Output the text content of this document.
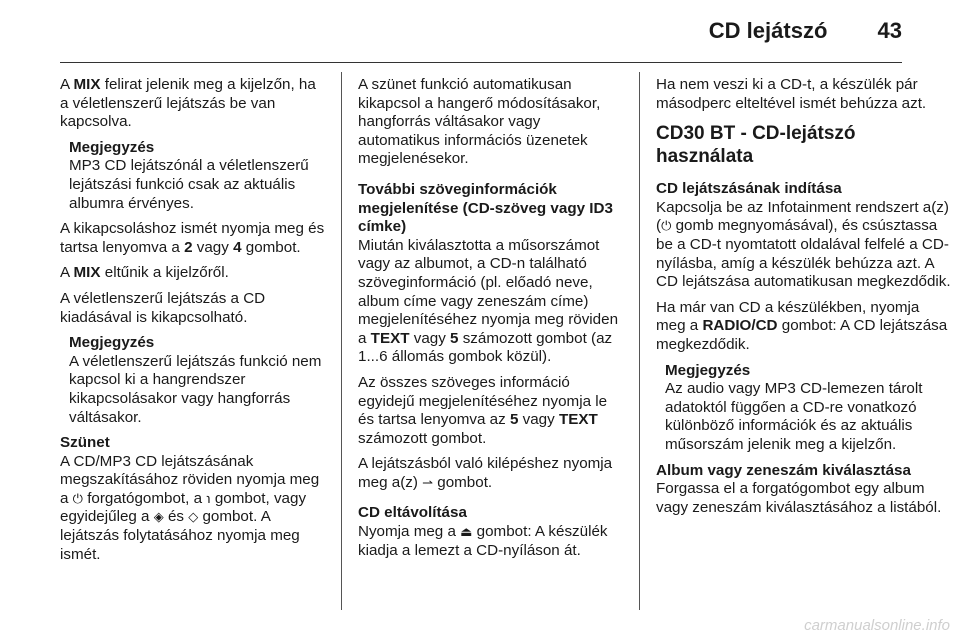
CD lejátszó 43

A MIX felirat jelenik meg a kijelzőn, ha a véletlenszerű lejátszás be van kapcsolva.

Megjegyzés
MP3 CD lejátszónál a véletlenszerű lejátszási funkció csak az aktuális albumra érvényes.

A kikapcsoláshoz ismét nyomja meg és tartsa lenyomva a 2 vagy 4 gombot.

A MIX eltűnik a kijelzőről.

A véletlenszerű lejátszás a CD kiadásával is kikapcsolható.

Megjegyzés
A véletlenszerű lejátszás funkció nem kapcsol ki a hangrendszer kikapcsolásakor vagy hangforrás váltásakor.
Szünet

A CD/MP3 CD lejátszásának megszakításához röviden nyomja meg a ⏻ forgatógombot, a ℩ gombot, vagy egyidejűleg a ◈ és ◇ gombot. A lejátszás folytatásához nyomja meg ismét.

A szünet funkció automatikusan kikapcsol a hangerő módosításakor, hangforrás váltásakor vagy automatikus információs üzenetek megjelenésekor.

További szöveginformációk megjelenítése (CD-szöveg vagy ID3 címke)

Miután kiválasztotta a műsorszámot vagy az albumot, a CD-n található szöveginformáció (pl. előadó neve, album címe vagy zeneszám címe) megjelenítéséhez nyomja meg röviden a TEXT vagy 5 számozott gombot (az 1...6 állomás gombok közül).

Az összes szöveges információ egyidejű megjelenítéséhez nyomja le és tartsa lenyomva az 5 vagy TEXT számozott gombot.

A lejátszásból való kilépéshez nyomja meg a(z) ⇀ gombot.

CD eltávolítása

Nyomja meg a ⏏ gombot: A készülék kiadja a lemezt a CD-nyíláson át.

Ha nem veszi ki a CD-t, a készülék pár másodperc elteltével ismét behúzza azt.

CD30 BT - CD-lejátszó használata
CD lejátszásának indítása

Kapcsolja be az Infotainment rendszert a(z) (⏻ gomb megnyomásával), és csúsztassa be a CD-t nyomtatott oldalával felfelé a CD-nyílásba, amíg a készülék behúzza azt. A CD lejátszása automatikusan megkezdődik.

Ha már van CD a készülékben, nyomja meg a RADIO/CD gombot: A CD lejátszása megkezdődik.

Megjegyzés
Az audio vagy MP3 CD-lemezen tárolt adatoktól függően a CD-re vonatkozó különböző információk és az aktuális műsorszám jelenik meg a kijelzőn.
Album vagy zeneszám kiválasztása

Forgassa el a forgatógombot egy album vagy zeneszám kiválasztásához a listából.

carmanualsonline.info
